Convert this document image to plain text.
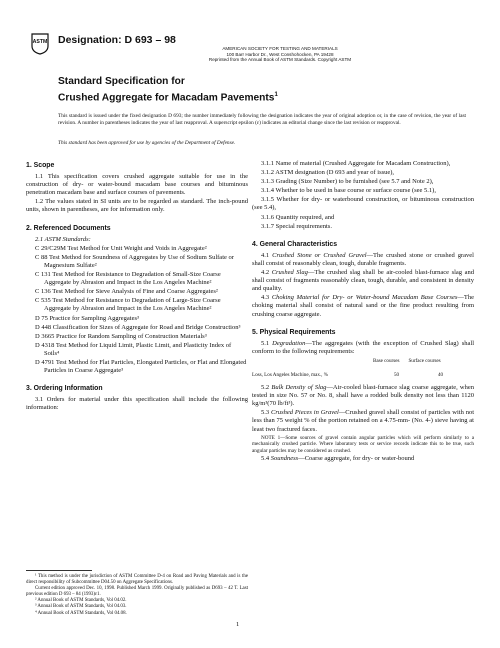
ASTM Designation: D 693 – 98
AMERICAN SOCIETY FOR TESTING AND MATERIALS
100 Barr Harbor Dr., West Conshohocken, PA 19428
Reprinted from the Annual Book of ASTM Standards. Copyright ASTM
Standard Specification for
Crushed Aggregate for Macadam Pavements$^1$
This standard is issued under the fixed designation D 693; the number immediately following the designation indicates the year of original adoption or, in the case of revision, the year of last revision. A number in parentheses indicates the year of last reapproval. A superscript epsilon (ε) indicates an editorial change since the last revision or reapproval.
This standard has been approved for use by agencies of the Department of Defense.
1. Scope

1.1 This specification covers crushed aggregate suitable for use in the construction of dry- or water-bound macadam base courses and bituminous penetration macadam base and surface courses of pavements.

1.2 The values stated in SI units are to be regarded as standard. The inch-pound units, shown in parentheses, are for information only.

2. Referenced Documents

2.1 ASTM Standards:

C 29/C29M Test Method for Unit Weight and Voids in Aggregate²

C 88 Test Method for Soundness of Aggregates by Use of Sodium Sulfate or Magnesium Sulfate²

C 131 Test Method for Resistance to Degradation of Small-Size Coarse Aggregate by Abrasion and Impact in the Los Angeles Machine²

C 136 Test Method for Sieve Analysis of Fine and Coarse Aggregates²

C 535 Test Method for Resistance to Degradation of Large-Size Coarse Aggregate by Abrasion and Impact in the Los Angeles Machine²

D 75 Practice for Sampling Aggregates³

D 448 Classification for Sizes of Aggregate for Road and Bridge Construction³

D 3665 Practice for Random Sampling of Construction Materials³

D 4318 Test Method for Liquid Limit, Plastic Limit, and Plasticity Index of Soils⁴

D 4791 Test Method for Flat Particles, Elongated Particles, or Flat and Elongated Particles in Coarse Aggregate³

3. Ordering Information

3.1 Orders for material under this specification shall include the following information:

¹ This method is under the jurisdiction of ASTM Committee D-4 on Road and Paving Materials and is the direct responsibility of Subcommittee D04.50 on Aggregate Specifications.

Current edition approved Dec. 10, 1998. Published March 1999. Originally published as D693 – 42 T. Last previous edition D 693 – 84 (1993)ε1.

² Annual Book of ASTM Standards, Vol 04.02.

³ Annual Book of ASTM Standards, Vol 04.03.

⁴ Annual Book of ASTM Standards, Vol 04.08.

3.1.1 Name of material (Crushed Aggregate for Macadam Construction),

3.1.2 ASTM designation (D 693 and year of issue),

3.1.3 Grading (Size Number) to be furnished (see 5.7 and Note 2),

3.1.4 Whether to be used in base course or surface course (see 5.1),

3.1.5 Whether for dry- or waterbound construction, or bituminous construction (see 5.4),

3.1.6 Quantity required, and

3.1.7 Special requirements.

4. General Characteristics

4.1 Crushed Stone or Crushed Gravel—The crushed stone or crushed gravel shall consist of reasonably clean, tough, durable fragments.

4.2 Crushed Slag—The crushed slag shall be air-cooled blast-furnace slag and shall consist of fragments reasonably clean, tough, durable, and consistent in density and quality.

4.3 Choking Material for Dry- or Water-bound Macadam Base Courses—The choking material shall consist of natural sand or the fine product resulting from crushing coarse aggregate.

5. Physical Requirements

5.1 Degradation—The aggregates (with the exception of Crushed Slag) shall conform to the following requirements:

Base courses Surface courses
Loss, Los Angeles Machine, max., %	50	40

5.2 Bulk Density of Slag—Air-cooled blast-furnace slag coarse aggregate, when tested in size No. 57 or No. 8, shall have a rodded bulk density not less than 1120 kg/m³(70 lb/ft³).

5.3 Crushed Pieces in Gravel—Crushed gravel shall consist of particles with not less than 75 weight % of the portion retained on a 4.75-mm- (No. 4-) sieve having at least two fractured faces.

NOTE 1—Some sources of gravel contain angular particles which will perform similarly to a mechanically crushed particle. Where laboratory tests or service records indicate this to be true, such angular particles may be considered as crushed.

5.4 Soundness—Coarse aggregate, for dry- or water-bound

1
